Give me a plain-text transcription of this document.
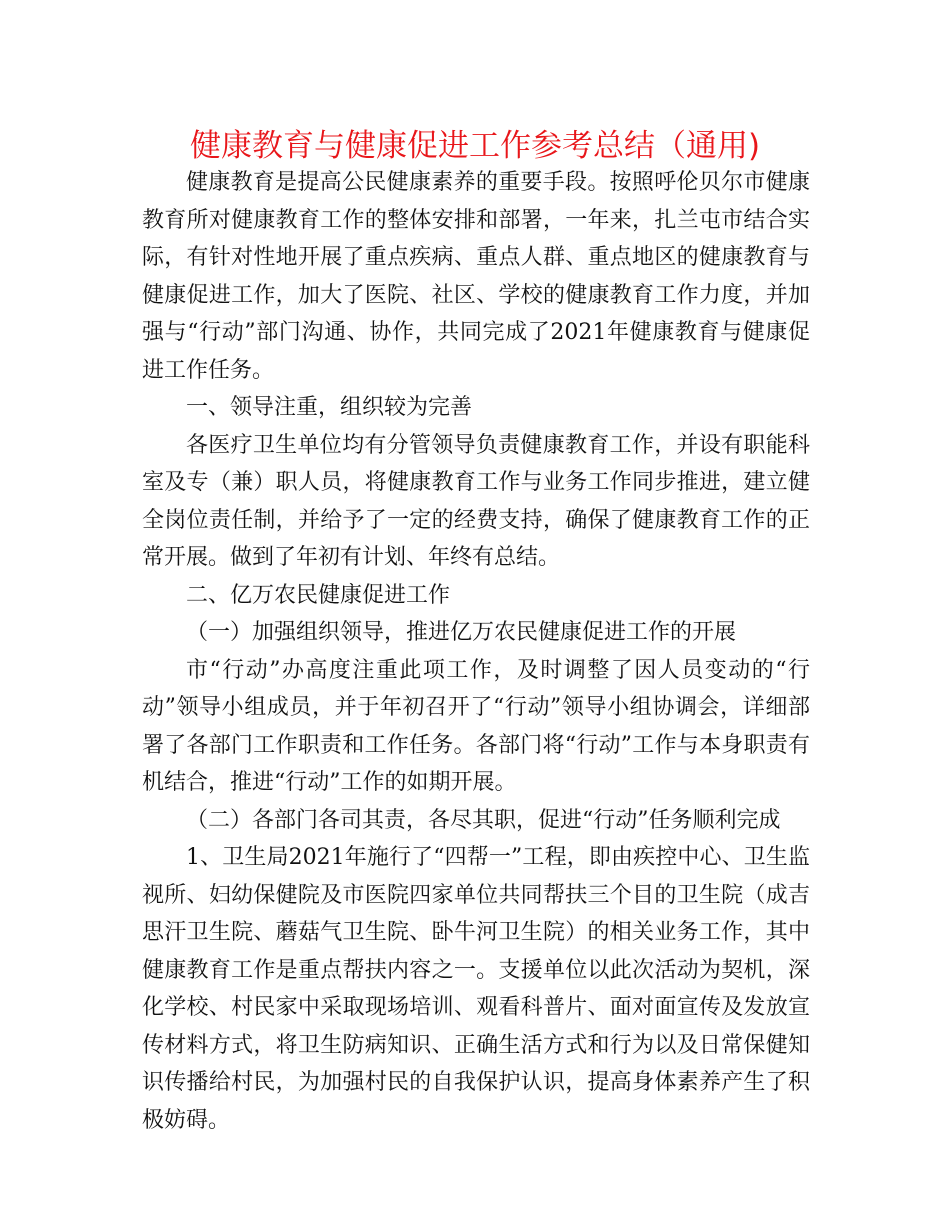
健康教育与健康促进工作参考总结（通用)

健康教育是提高公民健康素养的重要手段。按照呼伦贝尔市健康教育所对健康教育工作的整体安排和部署，一年来，扎兰屯市结合实际，有针对性地开展了重点疾病、重点人群、重点地区的健康教育与健康促进工作，加大了医院、社区、学校的健康教育工作力度，并加强与“行动”部门沟通、协作，共同完成了2021年健康教育与健康促进工作任务。

一、领导注重，组织较为完善

各医疗卫生单位均有分管领导负责健康教育工作，并设有职能科室及专（兼）职人员，将健康教育工作与业务工作同步推进，建立健全岗位责任制，并给予了一定的经费支持，确保了健康教育工作的正常开展。做到了年初有计划、年终有总结。

二、亿万农民健康促进工作

（一）加强组织领导，推进亿万农民健康促进工作的开展

市“行动”办高度注重此项工作，及时调整了因人员变动的“行动”领导小组成员，并于年初召开了“行动”领导小组协调会，详细部署了各部门工作职责和工作任务。各部门将“行动”工作与本身职责有机结合，推进“行动”工作的如期开展。

（二）各部门各司其责，各尽其职，促进“行动”任务顺利完成

1、卫生局2021年施行了“四帮一”工程，即由疾控中心、卫生监视所、妇幼保健院及市医院四家单位共同帮扶三个目的卫生院（成吉思汗卫生院、蘑菇气卫生院、卧牛河卫生院）的相关业务工作，其中健康教育工作是重点帮扶内容之一。支援单位以此次活动为契机，深化学校、村民家中采取现场培训、观看科普片、面对面宣传及发放宣传材料方式，将卫生防病知识、正确生活方式和行为以及日常保健知识传播给村民，为加强村民的自我保护认识，提高身体素养产生了积极妨碍。
